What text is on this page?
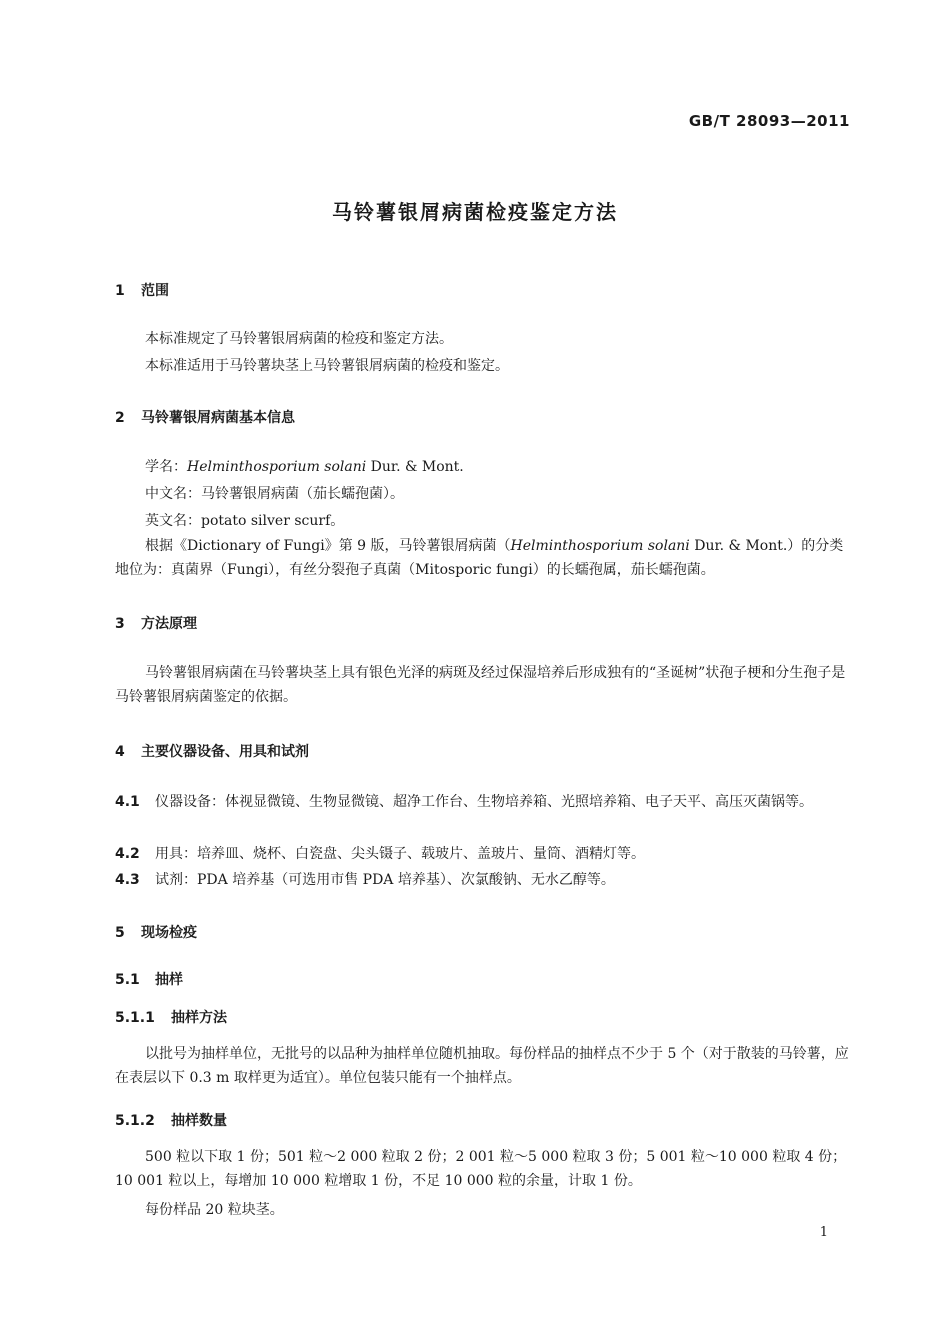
GB/T 28093—2011
马铃薯银屑病菌检疫鉴定方法
1 范围
本标准规定了马铃薯银屑病菌的检疫和鉴定方法。
本标准适用于马铃薯块茎上马铃薯银屑病菌的检疫和鉴定。
2 马铃薯银屑病菌基本信息
学名：Helminthosporium solani Dur. & Mont.
中文名：马铃薯银屑病菌（茄长蠕孢菌）。
英文名：potato silver scurf。
根据《Dictionary of Fungi》第 9 版，马铃薯银屑病菌（Helminthosporium solani Dur. & Mont.）的分类地位为：真菌界（Fungi），有丝分裂孢子真菌（Mitosporic fungi）的长蠕孢属，茄长蠕孢菌。
3 方法原理
马铃薯银屑病菌在马铃薯块茎上具有银色光泽的病斑及经过保湿培养后形成独有的“圣诞树”状孢子梗和分生孢子是马铃薯银屑病菌鉴定的依据。
4 主要仪器设备、用具和试剂
4.1 仪器设备：体视显微镜、生物显微镜、超净工作台、生物培养箱、光照培养箱、电子天平、高压灭菌锅等。
4.2 用具：培养皿、烧杯、白瓷盘、尖头镊子、载玻片、盖玻片、量筒、酒精灯等。
4.3 试剂：PDA 培养基（可选用市售 PDA 培养基）、次氯酸钠、无水乙醇等。
5 现场检疫
5.1 抽样
5.1.1 抽样方法
以批号为抽样单位，无批号的以品种为抽样单位随机抽取。每份样品的抽样点不少于 5 个（对于散装的马铃薯，应在表层以下 0.3 m 取样更为适宜）。单位包装只能有一个抽样点。
5.1.2 抽样数量
500 粒以下取 1 份；501 粒～2 000 粒取 2 份；2 001 粒～5 000 粒取 3 份；5 001 粒～10 000 粒取 4 份；10 001 粒以上，每增加 10 000 粒增取 1 份，不足 10 000 粒的余量，计取 1 份。
每份样品 20 粒块茎。
1
